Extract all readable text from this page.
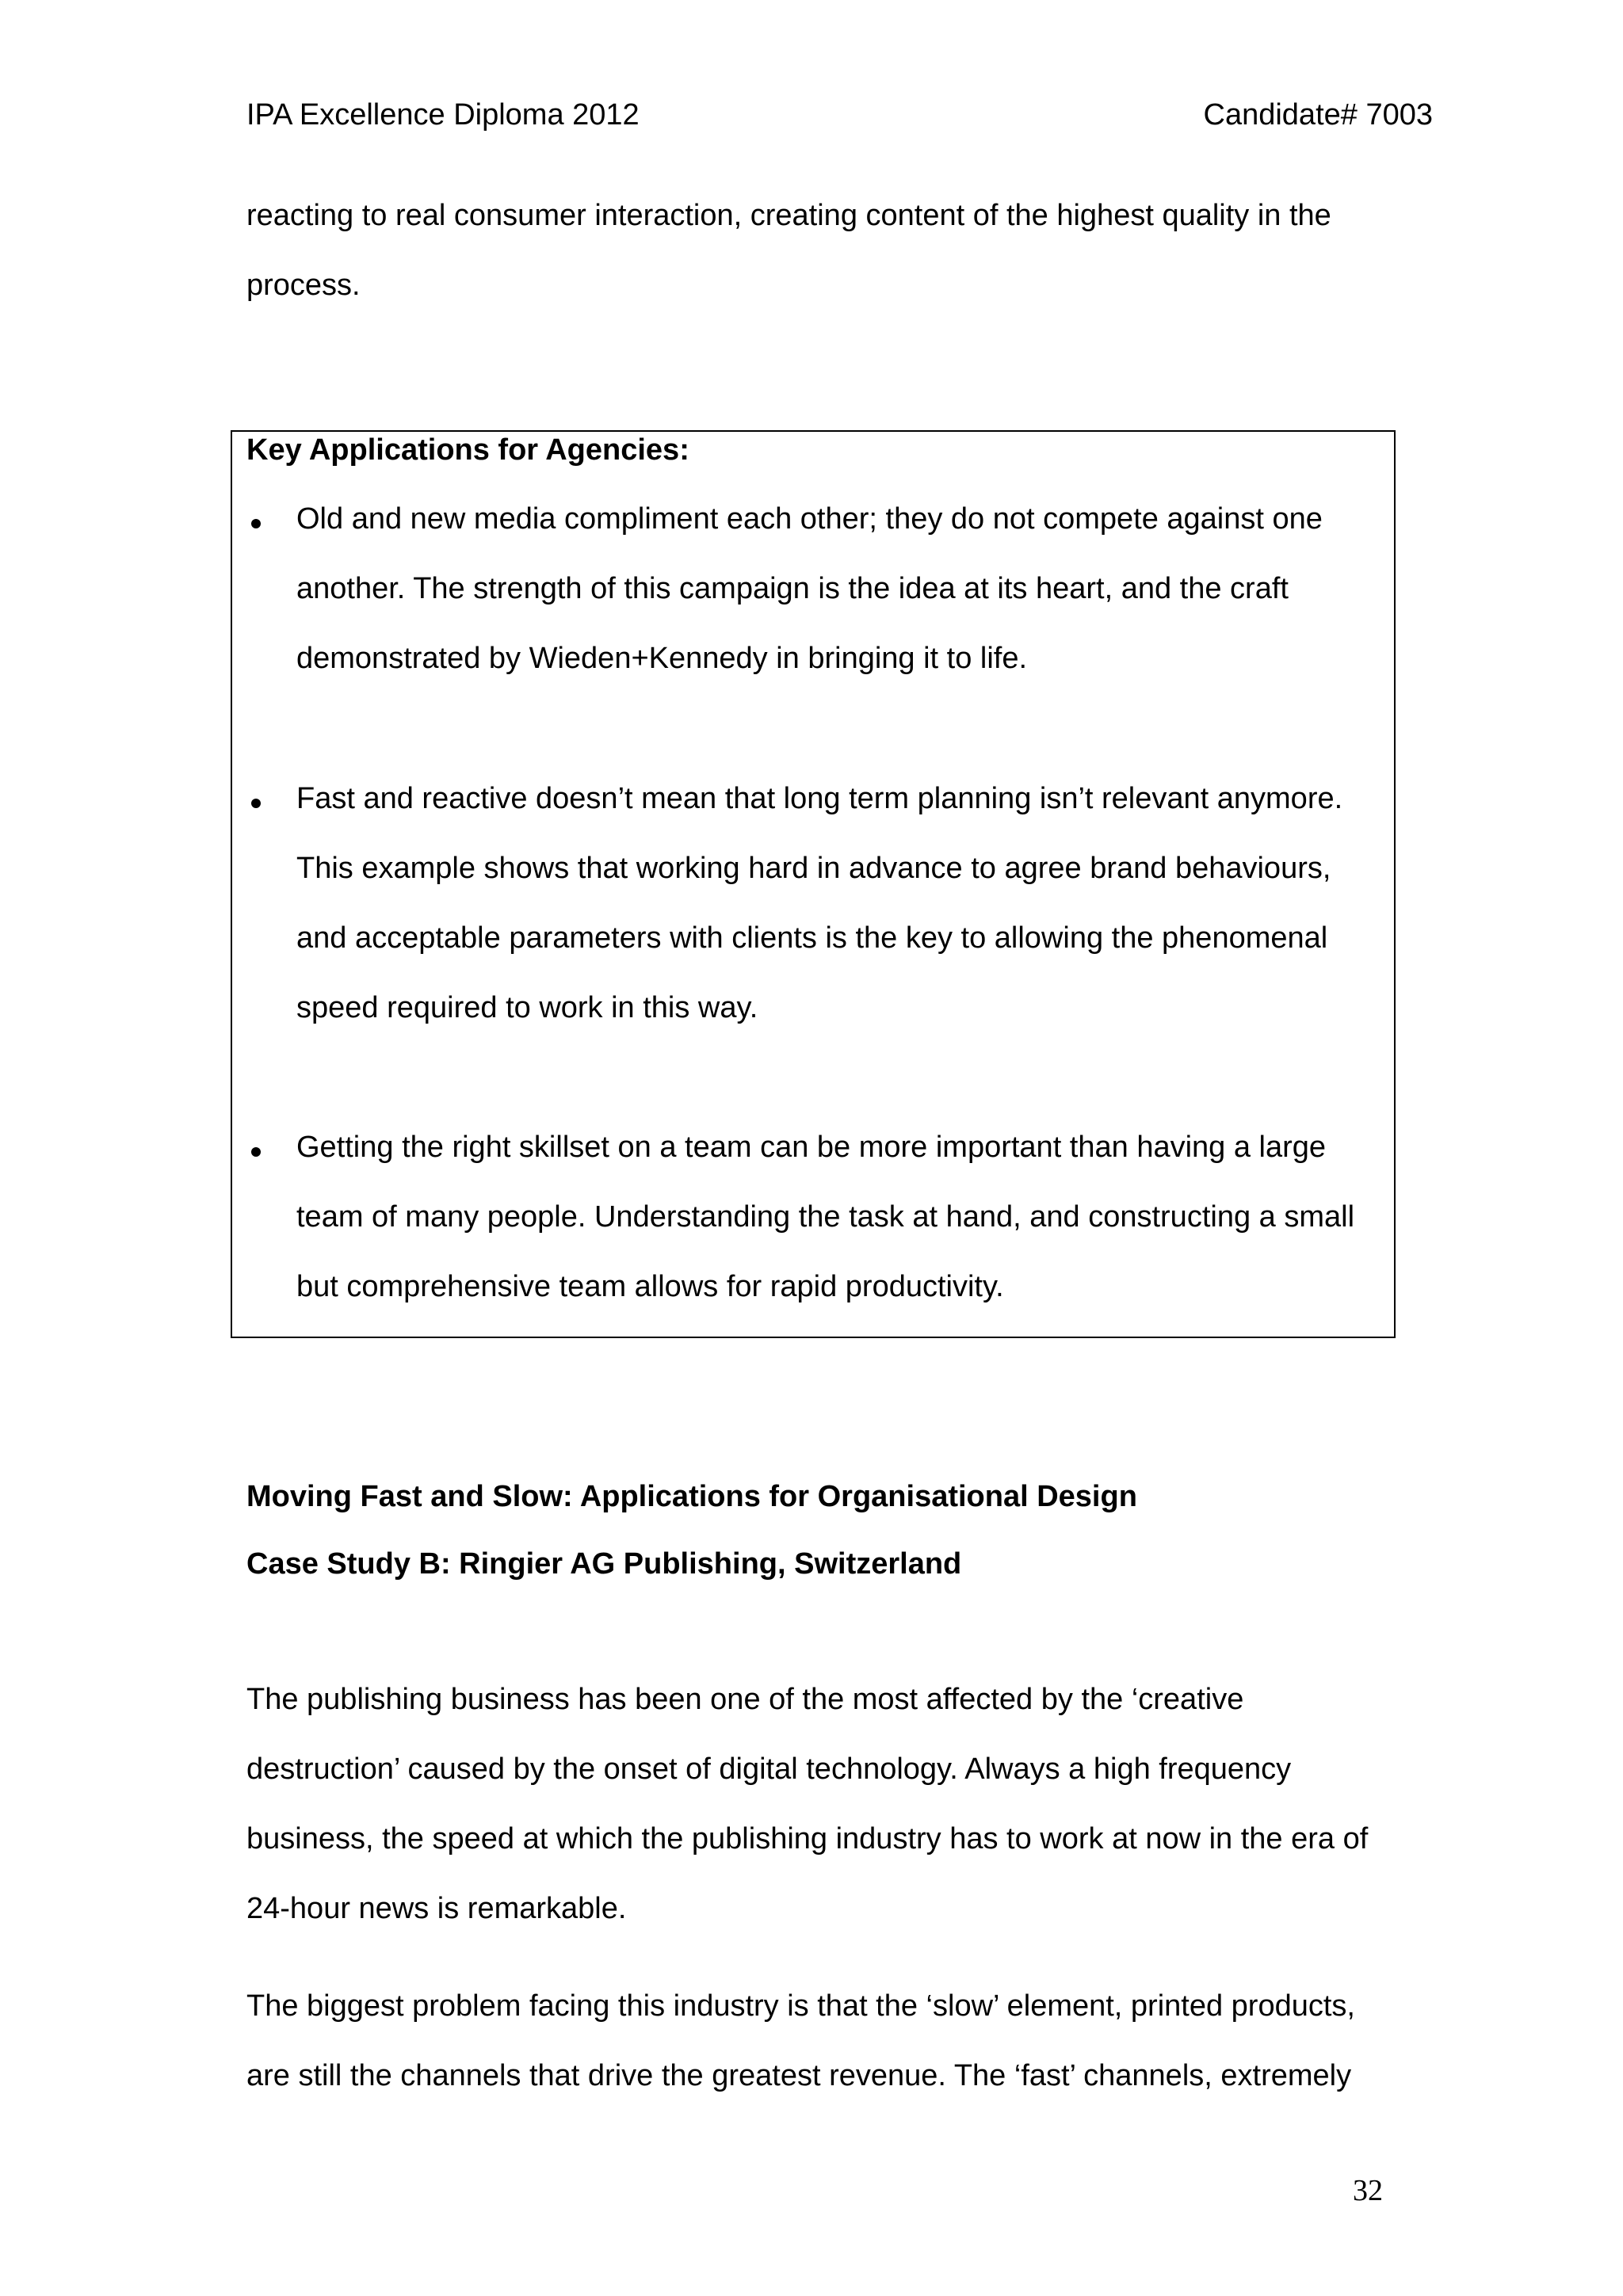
IPA Excellence Diploma 2012	Candidate# 7003
reacting to real consumer interaction, creating content of the highest quality in the
process.
Key Applications for Agencies:
Old and new media compliment each other; they do not compete against one
another. The strength of this campaign is the idea at its heart, and the craft
demonstrated by Wieden+Kennedy in bringing it to life.
Fast and reactive doesn’t mean that long term planning isn’t relevant anymore.
This example shows that working hard in advance to agree brand behaviours,
and acceptable parameters with clients is the key to allowing the phenomenal
speed required to work in this way.
Getting the right skillset on a team can be more important than having a large
team of many people. Understanding the task at hand, and constructing a small
but comprehensive team allows for rapid productivity.
Moving Fast and Slow: Applications for Organisational Design
Case Study B: Ringier AG Publishing, Switzerland
The publishing business has been one of the most affected by the ‘creative
destruction’ caused by the onset of digital technology. Always a high frequency
business, the speed at which the publishing industry has to work at now in the era of
24-hour news is remarkable.
The biggest problem facing this industry is that the ‘slow’ element, printed products,
are still the channels that drive the greatest revenue. The ‘fast’ channels, extremely
32
